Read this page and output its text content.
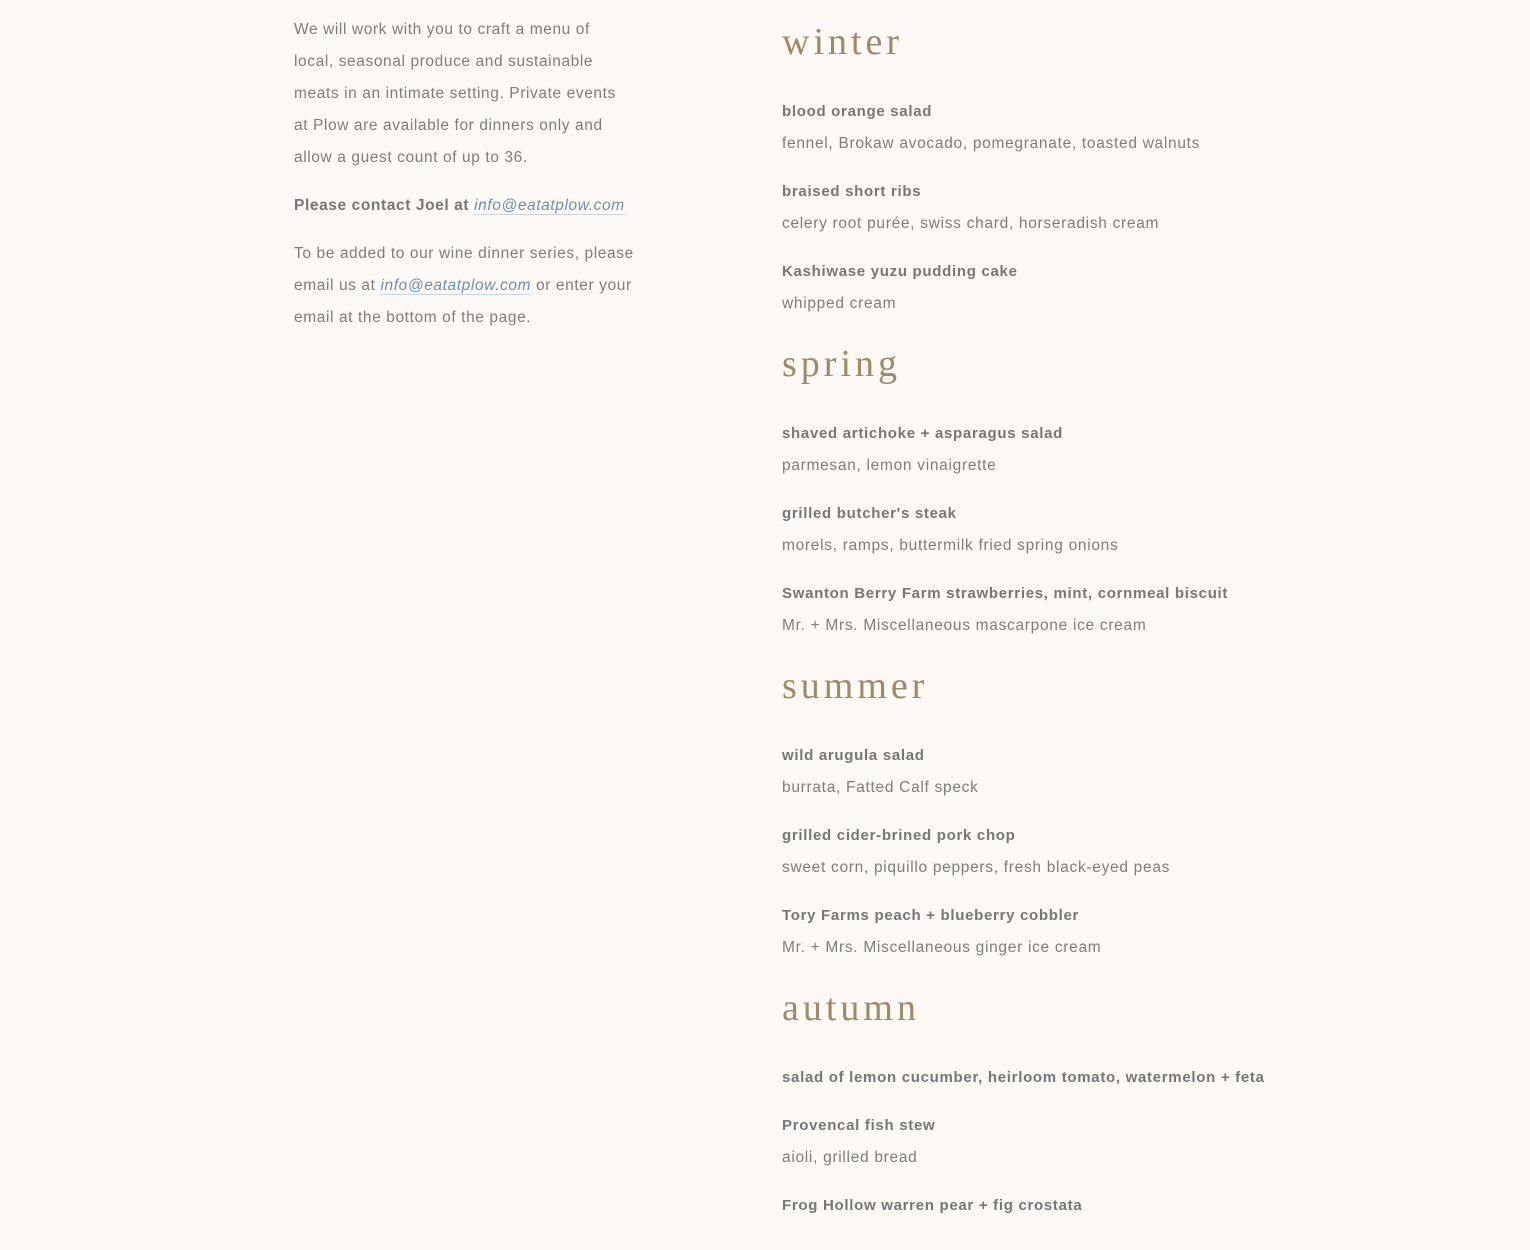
We will work with you to craft a menu of local, seasonal produce and sustainable meats in an intimate setting. Private events at Plow are available for dinners only and allow a guest count of up to 36.

Please contact Joel at info@eatatplow.com

To be added to our wine dinner series, please email us at info@eatatplow.com or enter your email at the bottom of the page.

winter
blood orange salad
fennel, Brokaw avocado, pomegranate, toasted walnuts
braised short ribs
celery root purée, swiss chard, horseradish cream
Kashiwase yuzu pudding cake
whipped cream
spring
shaved artichoke + asparagus salad
parmesan, lemon vinaigrette
grilled butcher's steak
morels, ramps, buttermilk fried spring onions
Swanton Berry Farm strawberries, mint, cornmeal biscuit
Mr. + Mrs. Miscellaneous mascarpone ice cream
summer
wild arugula salad
burrata, Fatted Calf speck
grilled cider-brined pork chop
sweet corn, piquillo peppers, fresh black-eyed peas
Tory Farms peach + blueberry cobbler
Mr. + Mrs. Miscellaneous ginger ice cream
autumn
salad of lemon cucumber, heirloom tomato, watermelon + feta
Provencal fish stew
aioli, grilled bread
Frog Hollow warren pear + fig crostata
